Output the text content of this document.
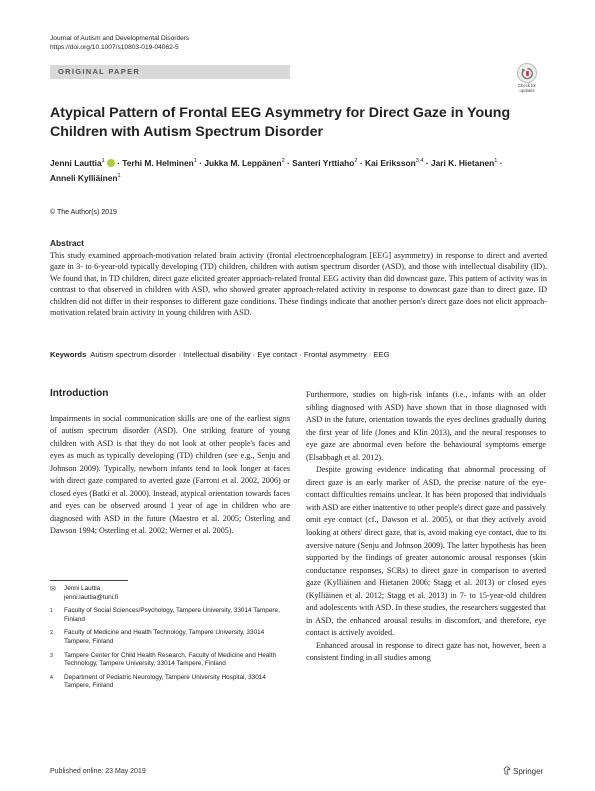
Journal of Autism and Developmental Disorders
https://doi.org/10.1007/s10803-019-04062-5
ORIGINAL PAPER
Check for
updates
Atypical Pattern of Frontal EEG Asymmetry for Direct Gaze in Young Children with Autism Spectrum Disorder
Jenni Lauttia$^1$ · Terhi M. Helminen$^1$ · Jukka M. Leppänen$^2$ · Santeri Yrttiaho$^2$ · Kai Eriksson$^{3,4}$ · Jari K. Hietanen$^1$ ·
Anneli Kylliäinen$^1$
© The Author(s) 2019
Abstract
This study examined approach-motivation related brain activity (frontal electroencephalogram [EEG] asymmetry) in response to direct and averted gaze in 3- to 6-year-old typically developing (TD) children, children with autism spectrum disorder (ASD), and those with intellectual disability (ID). We found that, in TD children, direct gaze elicited greater approach-related frontal EEG activity than did downcast gaze. This pattern of activity was in contrast to that observed in children with ASD, who showed greater approach-related activity in response to downcast gaze than to direct gaze. ID children did not differ in their responses to different gaze conditions. These findings indicate that another person's direct gaze does not elicit approach-motivation related brain activity in young children with ASD.
Keywords Autism spectrum disorder · Intellectual disability · Eye contact · Frontal asymmetry · EEG
Introduction

Impairments in social communication skills are one of the earliest signs of autism spectrum disorder (ASD). One striking feature of young children with ASD is that they do not look at other people's faces and eyes as much as typically developing (TD) children (see e.g., Senju and Johnson 2009). Typically, newborn infants tend to look longer at faces with direct gaze compared to averted gaze (Farroni et al. 2002, 2006) or closed eyes (Batki et al. 2000). Instead, atypical orientation towards faces and eyes can be observed around 1 year of age in children who are diagnosed with ASD in the future (Maestro et al. 2005; Osterling and Dawson 1994; Osterling et al. 2002; Werner et al. 2005).

Furthermore, studies on high-risk infants (i.e., infants with an older sibling diagnosed with ASD) have shown that in those diagnosed with ASD in the future, orientation towards the eyes declines gradually during the first year of life (Jones and Klin 2013), and the neural responses to eye gaze are abnormal even before the behavioural symptoms emerge (Elsabbagh et al. 2012).

Despite growing evidence indicating that abnormal processing of direct gaze is an early marker of ASD, the precise nature of the eye-contact difficulties remains unclear. It has been proposed that individuals with ASD are either inattentive to other people's direct gaze and passively omit eye contact (cf., Dawson et al. 2005), or that they actively avoid looking at others' direct gaze, that is, avoid making eye contact, due to its aversive nature (Senju and Johnson 2009). The latter hypothesis has been supported by the findings of greater autonomic arousal responses (skin conductance responses, SCRs) to direct gaze in comparison to averted gaze (Kylliäinen and Hietanen 2006; Stagg et al. 2013) or closed eyes (Kylliäinen et al. 2012; Stagg et al. 2013) in 7- to 15-year-old children and adolescents with ASD. In these studies, the researchers suggested that in ASD, the enhanced arousal results in discomfort, and therefore, eye contact is actively avoided.

Enhanced arousal in response to direct gaze has not, however, been a consistent finding in all studies among

✉ Jenni Lauttia
jenni.lauttia@tuni.fi
1 Faculty of Social Sciences/Psychology, Tampere University, 33014 Tampere, Finland
2 Faculty of Medicine and Health Technology, Tampere University, 33014 Tampere, Finland
3 Tampere Center for Child Health Research, Faculty of Medicine and Health Technology, Tampere University, 33014 Tampere, Finland
4 Department of Pediatric Neurology, Tampere University Hospital, 33014 Tampere, Finland
Published online: 23 May 2019	Springer
